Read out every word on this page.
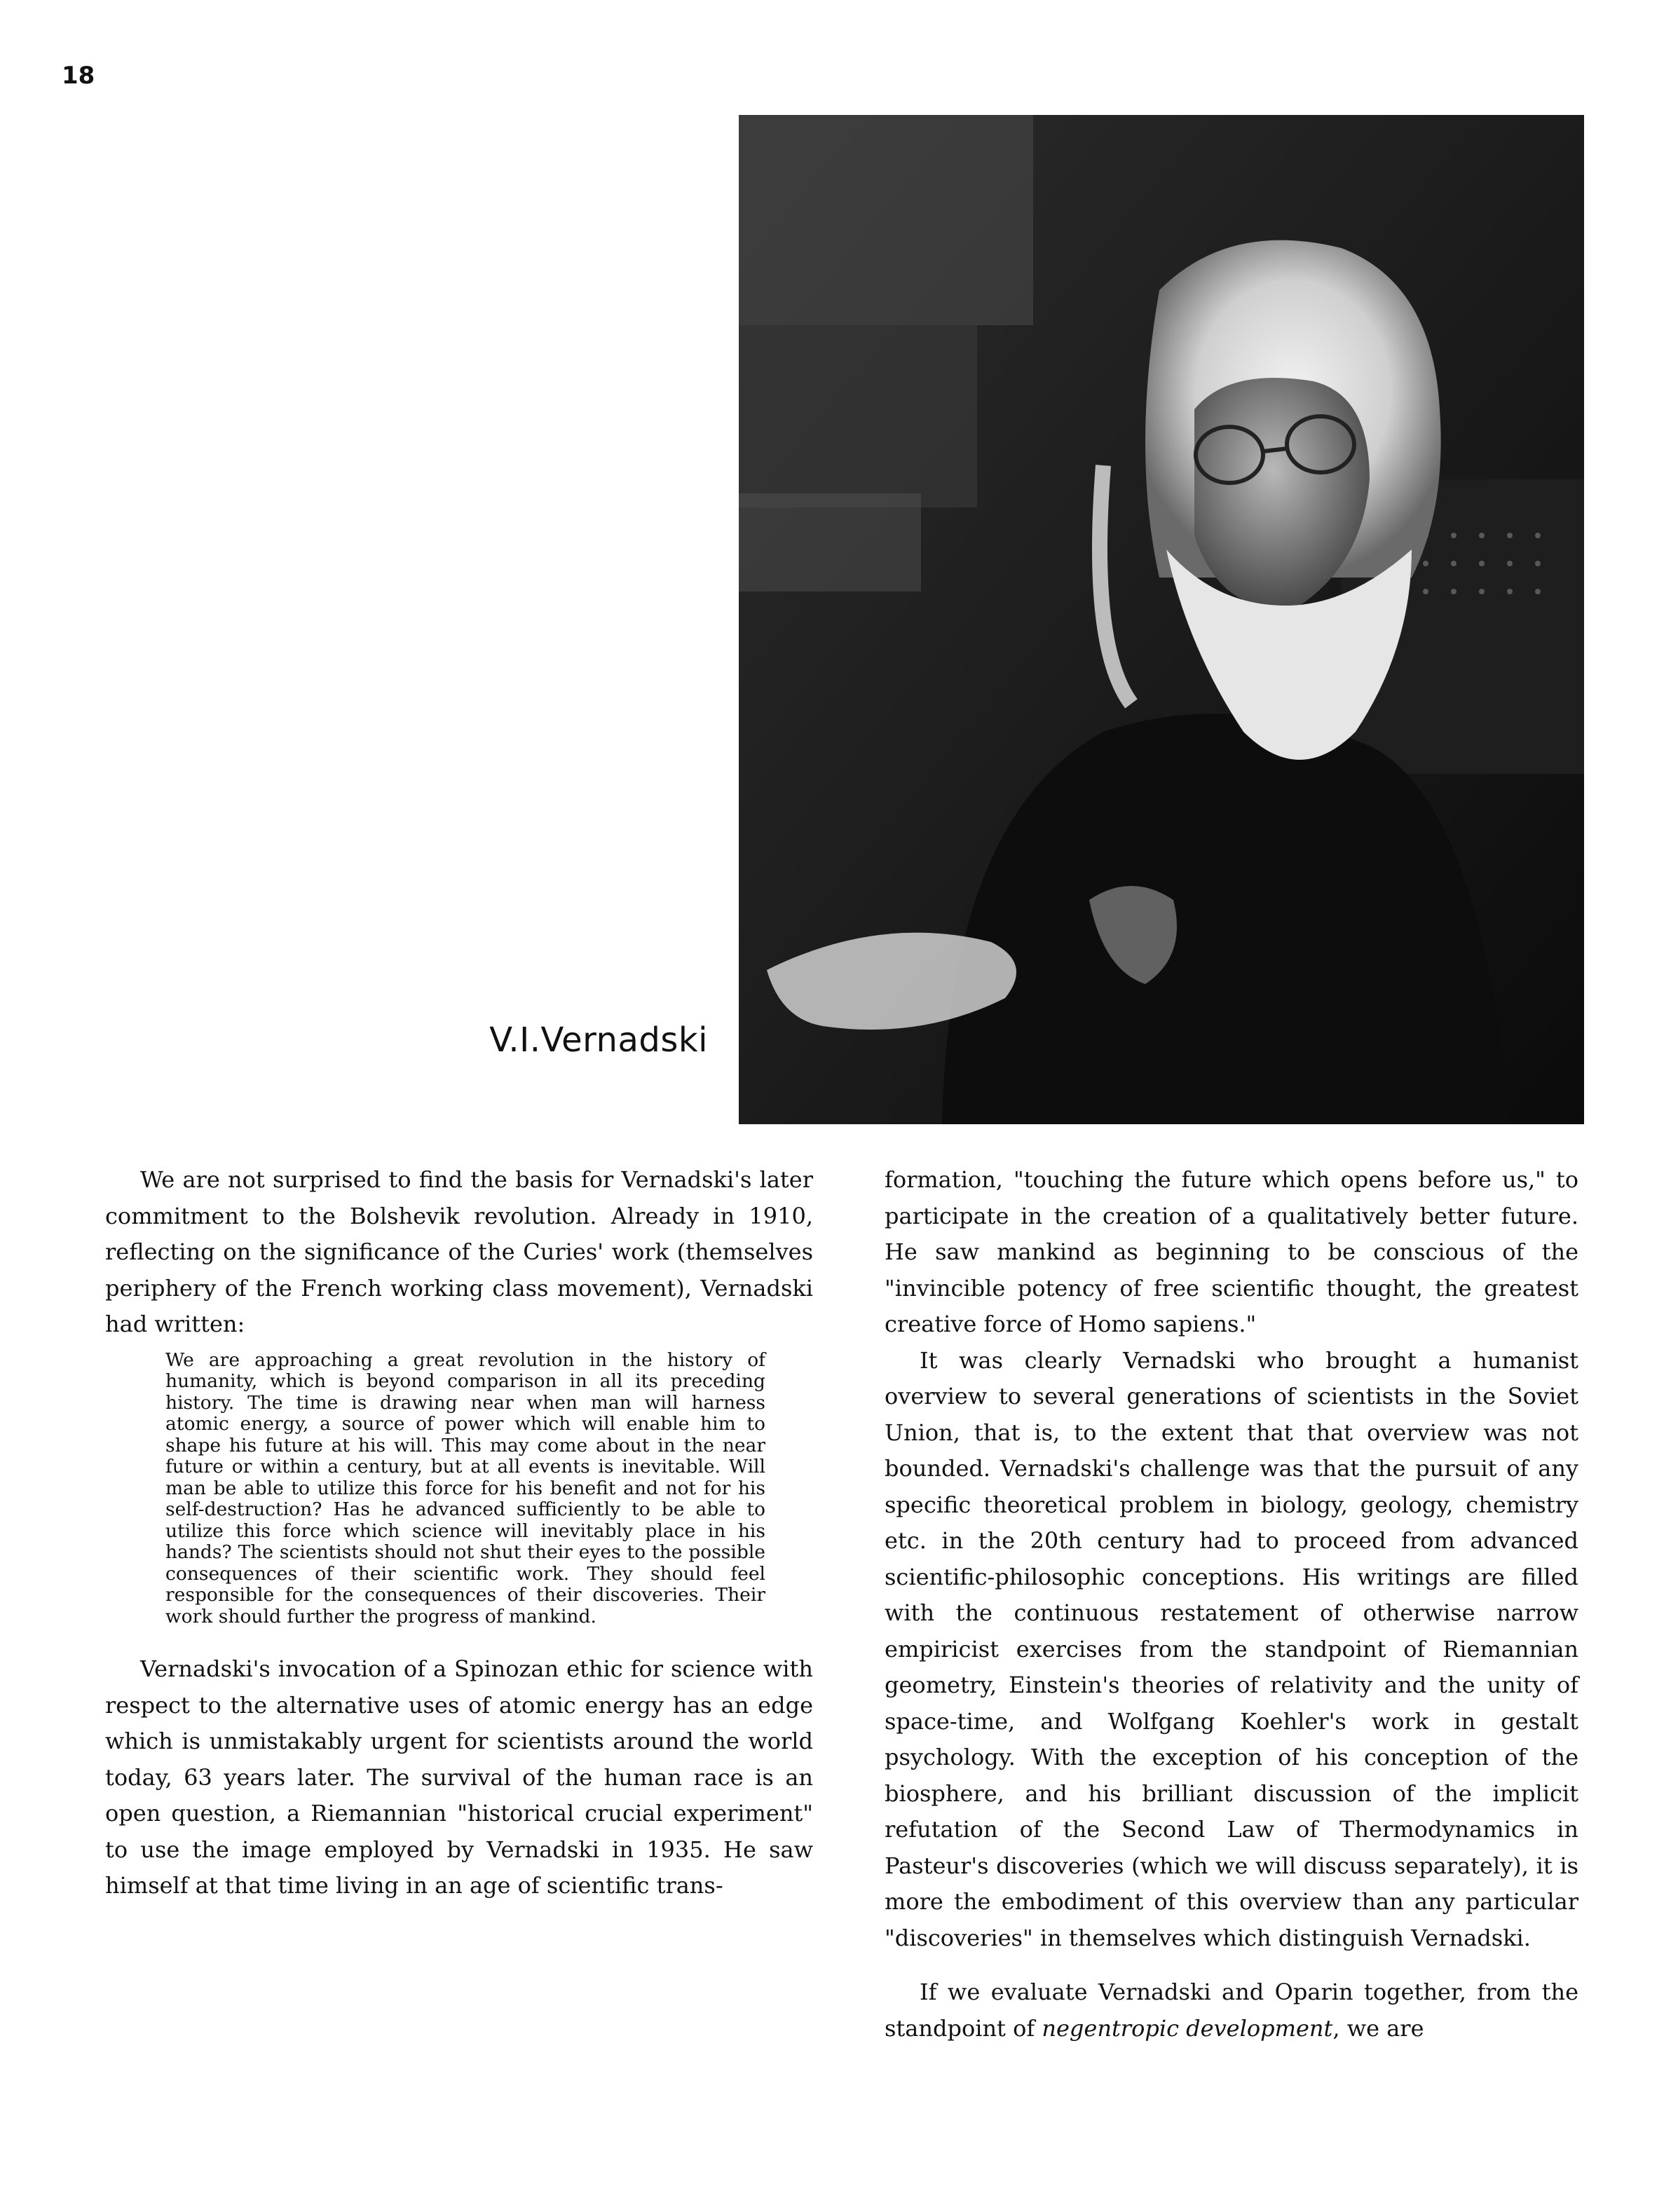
18
V.I.Vernadski

We are not surprised to find the basis for Vernadski's later commitment to the Bolshevik revolution. Already in 1910, reflecting on the significance of the Curies' work (themselves periphery of the French working class movement), Vernadski had written:

We are approaching a great revolution in the history of humanity, which is beyond comparison in all its preceding history. The time is drawing near when man will harness atomic energy, a source of power which will enable him to shape his future at his will. This may come about in the near future or within a century, but at all events is inevitable. Will man be able to utilize this force for his benefit and not for his self-destruction? Has he advanced sufficiently to be able to utilize this force which science will inevitably place in his hands? The scientists should not shut their eyes to the possible consequences of their scientific work. They should feel responsible for the consequences of their discoveries. Their work should further the progress of mankind.

Vernadski's invocation of a Spinozan ethic for science with respect to the alternative uses of atomic energy has an edge which is unmistakably urgent for scientists around the world today, 63 years later. The survival of the human race is an open question, a Riemannian "historical crucial experiment" to use the image employed by Vernadski in 1935. He saw himself at that time living in an age of scientific trans-

formation, "touching the future which opens before us," to participate in the creation of a qualitatively better future. He saw mankind as beginning to be conscious of the "invincible potency of free scientific thought, the greatest creative force of Homo sapiens."

It was clearly Vernadski who brought a humanist overview to several generations of scientists in the Soviet Union, that is, to the extent that that overview was not bounded. Vernadski's challenge was that the pursuit of any specific theoretical problem in biology, geology, chemistry etc. in the 20th century had to proceed from advanced scientific-philosophic conceptions. His writings are filled with the continuous restatement of otherwise narrow empiricist exercises from the standpoint of Riemannian geometry, Einstein's theories of relativity and the unity of space-time, and Wolfgang Koehler's work in gestalt psychology. With the exception of his conception of the biosphere, and his brilliant discussion of the implicit refutation of the Second Law of Thermodynamics in Pasteur's discoveries (which we will discuss separately), it is more the embodiment of this overview than any particular "discoveries" in themselves which distinguish Vernadski.

If we evaluate Vernadski and Oparin together, from the standpoint of negentropic development, we are
